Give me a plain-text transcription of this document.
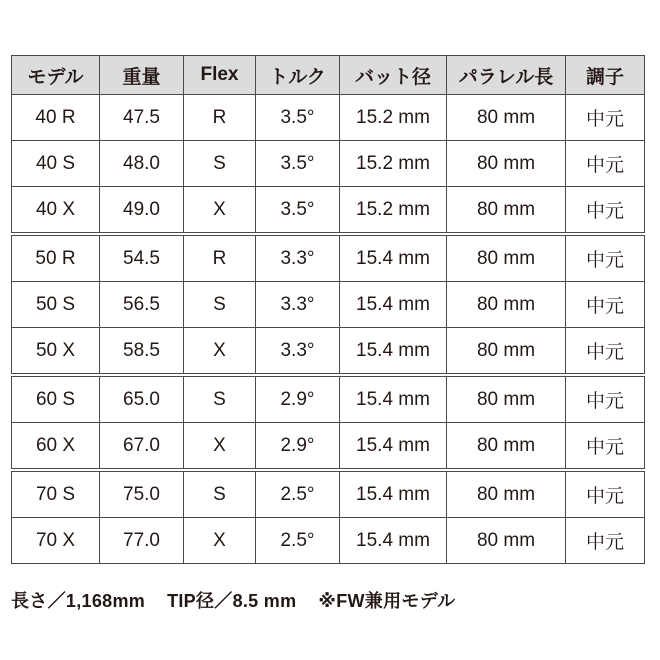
モデル	重量	Flex	トルク	バット径	パラレル長	調子
40 R	47.5	R	3.5°	15.2 mm	80 mm	中元
40 S	48.0	S	3.5°	15.2 mm	80 mm	中元
40 X	49.0	X	3.5°	15.2 mm	80 mm	中元
50 R	54.5	R	3.3°	15.4 mm	80 mm	中元
50 S	56.5	S	3.3°	15.4 mm	80 mm	中元
50 X	58.5	X	3.3°	15.4 mm	80 mm	中元
60 S	65.0	S	2.9°	15.4 mm	80 mm	中元
60 X	67.0	X	2.9°	15.4 mm	80 mm	中元
70 S	75.0	S	2.5°	15.4 mm	80 mm	中元
70 X	77.0	X	2.5°	15.4 mm	80 mm	中元
長さ／1,168mm TIP径／8.5 mm ※FW兼用モデル
